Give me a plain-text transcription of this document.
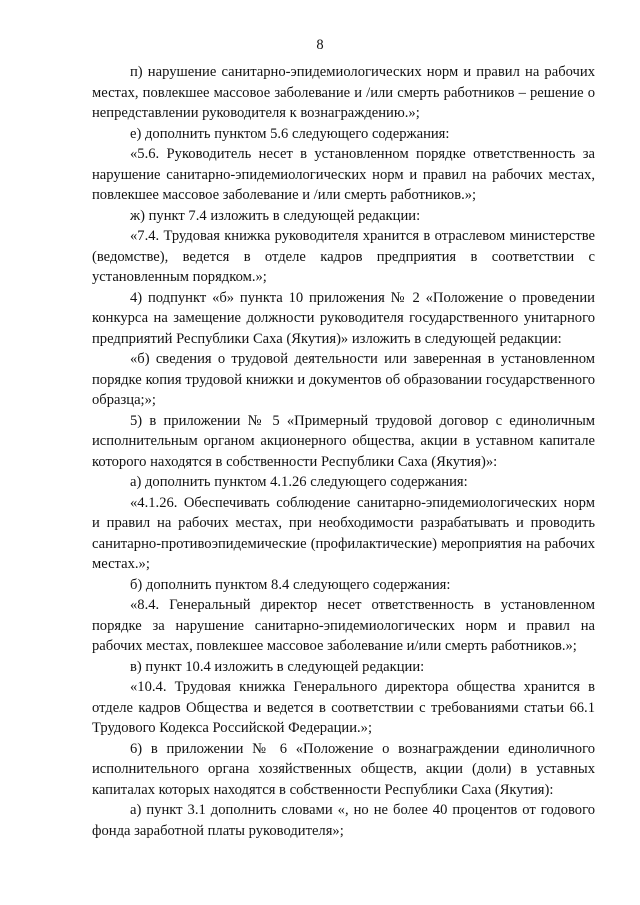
8

п) нарушение санитарно-эпидемиологических норм и правил на рабочих местах, повлекшее массовое заболевание и /или смерть работников – решение о непредставлении руководителя к вознаграждению.»;

е) дополнить пунктом 5.6 следующего содержания:

«5.6. Руководитель несет в установленном порядке ответственность за нарушение санитарно-эпидемиологических норм и правил на рабочих местах, повлекшее массовое заболевание и /или смерть работников.»;

ж) пункт 7.4 изложить в следующей редакции:

«7.4. Трудовая книжка руководителя хранится в отраслевом министерстве (ведомстве), ведется в отделе кадров предприятия в соответствии с установленным порядком.»;

4) подпункт «б» пункта 10 приложения № 2 «Положение о проведении конкурса на замещение должности руководителя государственного унитарного предприятий Республики Саха (Якутия)» изложить в следующей редакции:

«б) сведения о трудовой деятельности или заверенная в установленном порядке копия трудовой книжки и документов об образовании государственного образца;»;

5) в приложении № 5 «Примерный трудовой договор с единоличным исполнительным органом акционерного общества, акции в уставном капитале которого находятся в собственности Республики Саха (Якутия)»:

а) дополнить пунктом 4.1.26 следующего содержания:

«4.1.26. Обеспечивать соблюдение санитарно-эпидемиологических норм и правил на рабочих местах, при необходимости разрабатывать и проводить санитарно-противоэпидемические (профилактические) мероприятия на рабочих местах.»;

б) дополнить пунктом 8.4 следующего содержания:

«8.4. Генеральный директор несет ответственность в установленном порядке за нарушение санитарно-эпидемиологических норм и правил на рабочих местах, повлекшее массовое заболевание и/или смерть работников.»;

в) пункт 10.4 изложить в следующей редакции:

«10.4. Трудовая книжка Генерального директора общества хранится в отделе кадров Общества и ведется в соответствии с требованиями статьи 66.1 Трудового Кодекса Российской Федерации.»;

6) в приложении № 6 «Положение о вознаграждении единоличного исполнительного органа хозяйственных обществ, акции (доли) в уставных капиталах которых находятся в собственности Республики Саха (Якутия):

а) пункт 3.1 дополнить словами «, но не более 40 процентов от годового фонда заработной платы руководителя»;
